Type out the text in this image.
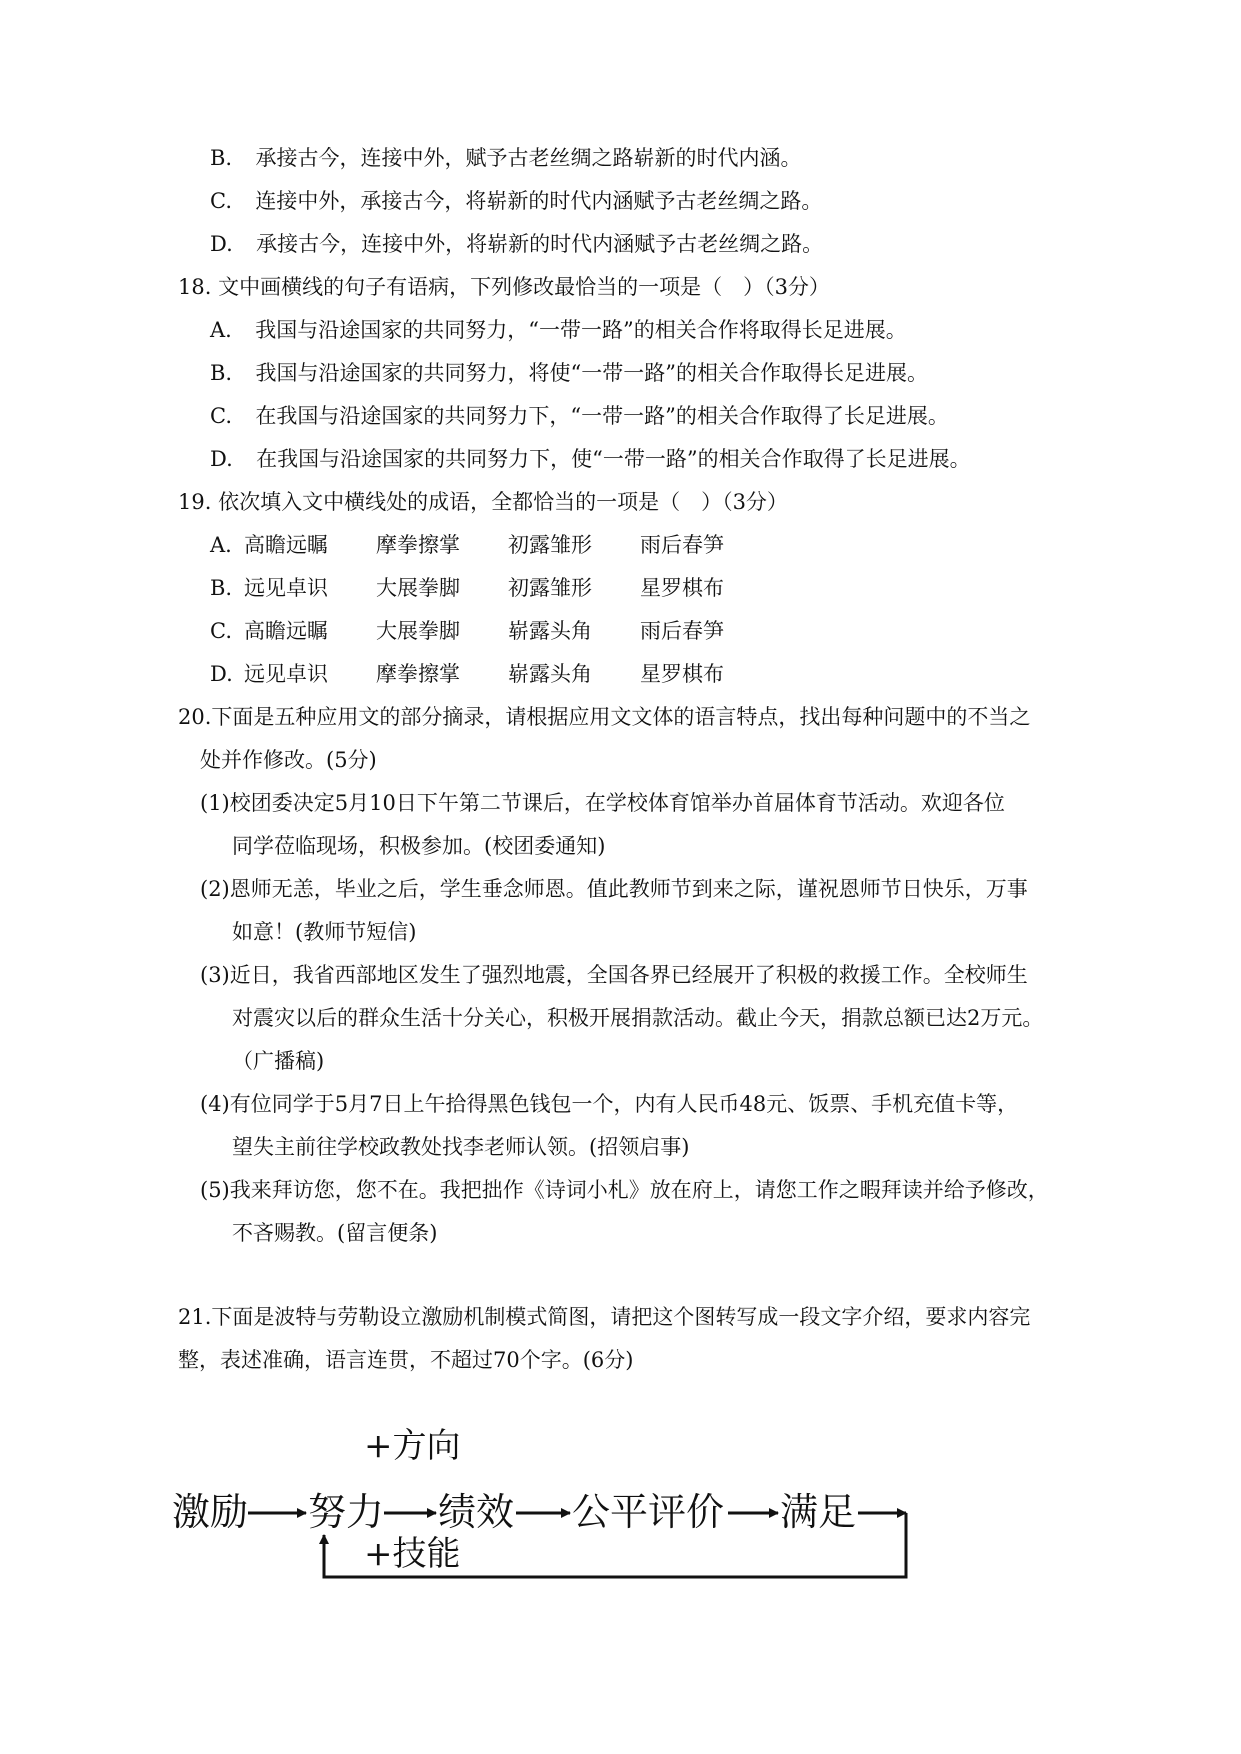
B. 承接古今，连接中外，赋予古老丝绸之路崭新的时代内涵。
C. 连接中外，承接古今，将崭新的时代内涵赋予古老丝绸之路。
D. 承接古今，连接中外，将崭新的时代内涵赋予古老丝绸之路。
18. 文中画横线的句子有语病，下列修改最恰当的一项是（　）（3分）
A. 我国与沿途国家的共同努力，“一带一路”的相关合作将取得长足进展。
B. 我国与沿途国家的共同努力，将使“一带一路”的相关合作取得长足进展。
C. 在我国与沿途国家的共同努力下，“一带一路”的相关合作取得了长足进展。
D. 在我国与沿途国家的共同努力下，使“一带一路”的相关合作取得了长足进展。
19. 依次填入文中横线处的成语，全都恰当的一项是（　）（3分）
A. 高瞻远瞩 摩拳擦掌 初露雏形 雨后春笋
B. 远见卓识 大展拳脚 初露雏形 星罗棋布
C. 高瞻远瞩 大展拳脚 崭露头角 雨后春笋
D. 远见卓识 摩拳擦掌 崭露头角 星罗棋布
20.下面是五种应用文的部分摘录，请根据应用文文体的语言特点，找出每种问题中的不当之
处并作修改。(5分)
(1)校团委决定5月10日下午第二节课后，在学校体育馆举办首届体育节活动。欢迎各位
同学莅临现场，积极参加。(校团委通知)
(2)恩师无恙，毕业之后，学生垂念师恩。值此教师节到来之际，谨祝恩师节日快乐，万事
如意！(教师节短信)
(3)近日，我省西部地区发生了强烈地震，全国各界已经展开了积极的救援工作。全校师生
对震灾以后的群众生活十分关心，积极开展捐款活动。截止今天，捐款总额已达2万元。
（广播稿)
(4)有位同学于5月7日上午拾得黑色钱包一个，内有人民币48元、饭票、手机充值卡等，
望失主前往学校政教处找李老师认领。(招领启事)
(5)我来拜访您，您不在。我把拙作《诗词小札》放在府上，请您工作之暇拜读并给予修改，
不吝赐教。(留言便条)
21.下面是波特与劳勒设立激励机制模式简图，请把这个图转写成一段文字介绍，要求内容完
整，表述准确，语言连贯，不超过70个字。(6分)
+方向
激励 努力 绩效 公平评价 满足
+技能
